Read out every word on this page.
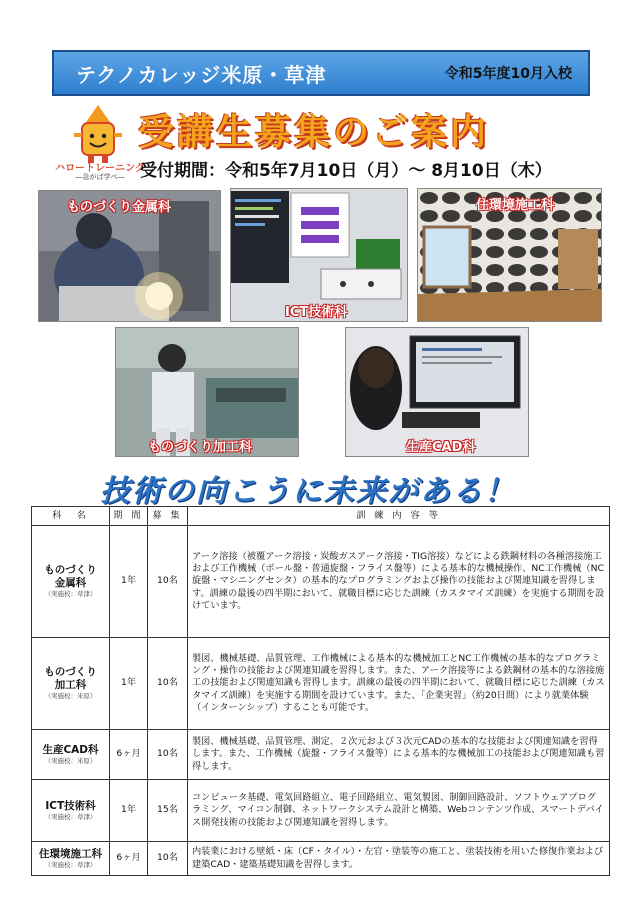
テクノカレッジ米原・草津	令和5年度10月入校
ハロートレーニング
―急がば学べ―
受講生募集のご案内
受付期間：令和5年7月10日（月）～ 8月10日（木）
ものづくり金属科
ICT技術科
住環境施工科
ものづくり加工科	生産CAD科
技術の向こうに未来がある！
科　名	期 間	募 集	訓 練 内 容 等

ものづくり
金属科
（実施校：草津）	1年	10名	アーク溶接（被覆アーク溶接・炭酸ガスアーク溶接・TIG溶接）などによる鉄鋼材料の各種溶接施工および工作機械（ボール盤・普通旋盤・フライス盤等）による基本的な機械操作、NC工作機械（NC旋盤・マシニングセンタ）の基本的なプログラミングおよび操作の技能および関連知識を習得します。訓練の最後の四半期において、就職目標に応じた訓練（カスタマイズ訓練）を実施する期間を設けています。

ものづくり
加工科
（実施校：米原）	1年	10名	製図、機械基礎、品質管理、工作機械による基本的な機械加工とNC工作機械の基本的なプログラミング・操作の技能および関連知識を習得します。また、アーク溶接等による鉄鋼材の基本的な溶接施工の技能および関連知識も習得します。訓練の最後の四半期において、就職目標に応じた訓練（カスタマイズ訓練）を実施する期間を設けています。また、「企業実習」（約20日間）により就業体験（インターンシップ）することも可能です。

生産CAD科
（実施校：米原）	6ヶ月	10名	製図、機械基礎、品質管理、測定、２次元および３次元CADの基本的な技能および関連知識を習得します。また、工作機械（旋盤・フライス盤等）による基本的な機械加工の技能および関連知識も習得します。

ICT技術科
（実施校：草津）	1年	15名	コンピュータ基礎、電気回路組立、電子回路組立、電気製図、制御回路設計、ソフトウェアプログラミング、マイコン制御、ネットワークシステム設計と構築、Webコンテンツ作成、スマートデバイス開発技術の技能および関連知識を習得します。

住環境施工科
（実施校：草津）	6ヶ月	10名	内装業における壁紙・床（CF・タイル）・左官・塗装等の施工と、塗装技術を用いた修復作業および建築CAD・建築基礎知識を習得します。
